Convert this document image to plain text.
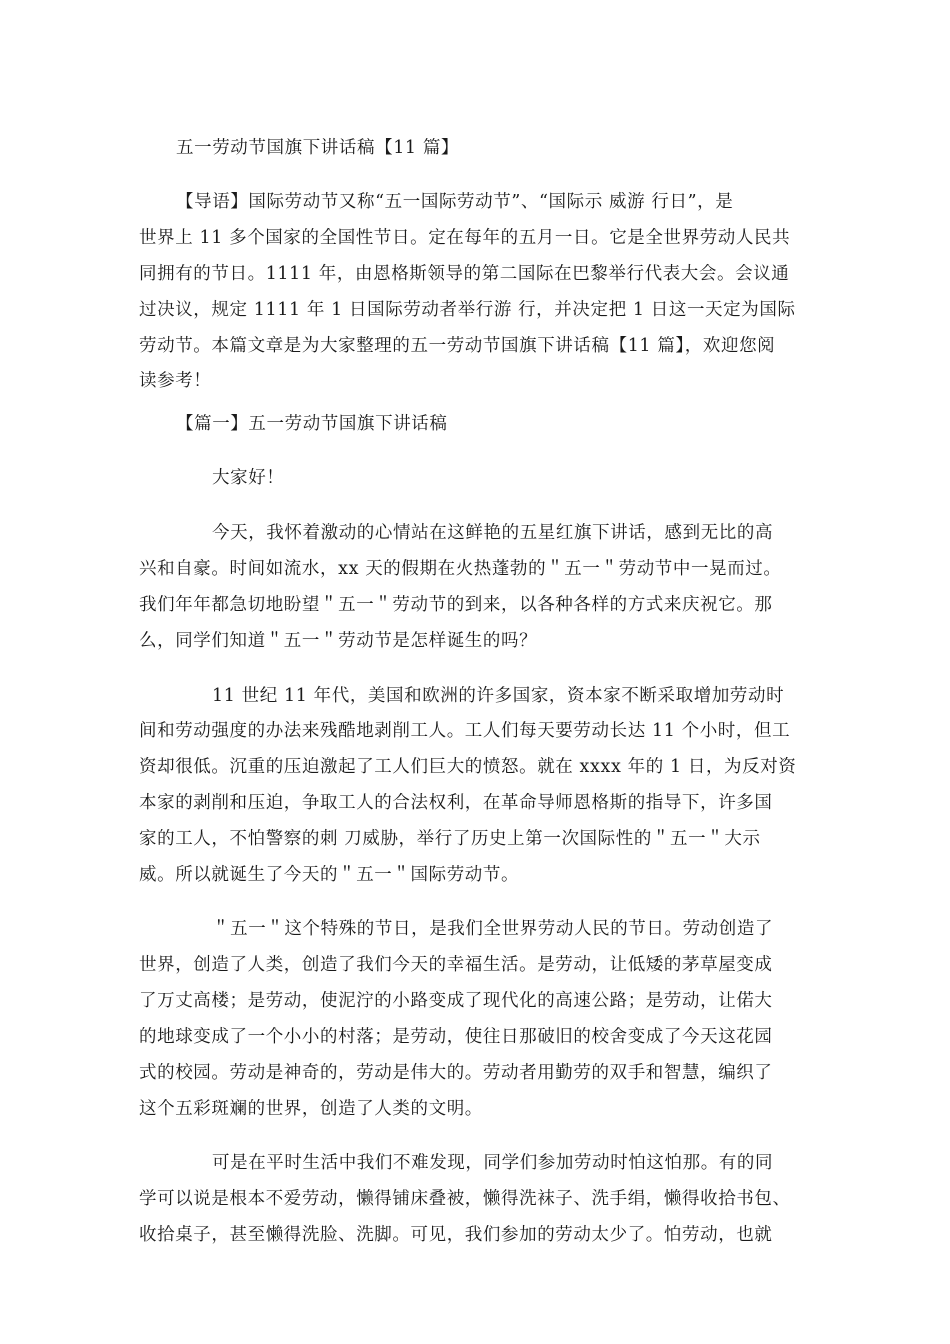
五一劳动节国旗下讲话稿【11 篇】
【导语】国际劳动节又称“五一国际劳动节”、“国际示 威游 行日”，是
世界上 11 多个国家的全国性节日。定在每年的五月一日。它是全世界劳动人民共
同拥有的节日。1111 年，由恩格斯领导的第二国际在巴黎举行代表大会。会议通
过决议，规定 1111 年 1 日国际劳动者举行游 行，并决定把 1 日这一天定为国际
劳动节。本篇文章是为大家整理的五一劳动节国旗下讲话稿【11 篇】，欢迎您阅
读参考！
【篇一】五一劳动节国旗下讲话稿
大家好！
今天，我怀着激动的心情站在这鲜艳的五星红旗下讲话，感到无比的高
兴和自豪。时间如流水，xx 天的假期在火热蓬勃的＂五一＂劳动节中一晃而过。
我们年年都急切地盼望＂五一＂劳动节的到来，以各种各样的方式来庆祝它。那
么，同学们知道＂五一＂劳动节是怎样诞生的吗？
11 世纪 11 年代，美国和欧洲的许多国家，资本家不断采取增加劳动时
间和劳动强度的办法来残酷地剥削工人。工人们每天要劳动长达 11 个小时，但工
资却很低。沉重的压迫激起了工人们巨大的愤怒。就在 xxxx 年的 1 日，为反对资
本家的剥削和压迫，争取工人的合法权利，在革命导师恩格斯的指导下，许多国
家的工人，不怕警察的刺 刀威胁，举行了历史上第一次国际性的＂五一＂大示
威。所以就诞生了今天的＂五一＂国际劳动节。
＂五一＂这个特殊的节日，是我们全世界劳动人民的节日。劳动创造了
世界，创造了人类，创造了我们今天的幸福生活。是劳动，让低矮的茅草屋变成
了万丈高楼；是劳动，使泥泞的小路变成了现代化的高速公路；是劳动，让偌大
的地球变成了一个小小的村落；是劳动，使往日那破旧的校舍变成了今天这花园
式的校园。劳动是神奇的，劳动是伟大的。劳动者用勤劳的双手和智慧，编织了
这个五彩斑斓的世界，创造了人类的文明。
可是在平时生活中我们不难发现，同学们参加劳动时怕这怕那。有的同
学可以说是根本不爱劳动，懒得铺床叠被，懒得洗袜子、洗手绢，懒得收拾书包、
收拾桌子，甚至懒得洗脸、洗脚。可见，我们参加的劳动太少了。怕劳动，也就
